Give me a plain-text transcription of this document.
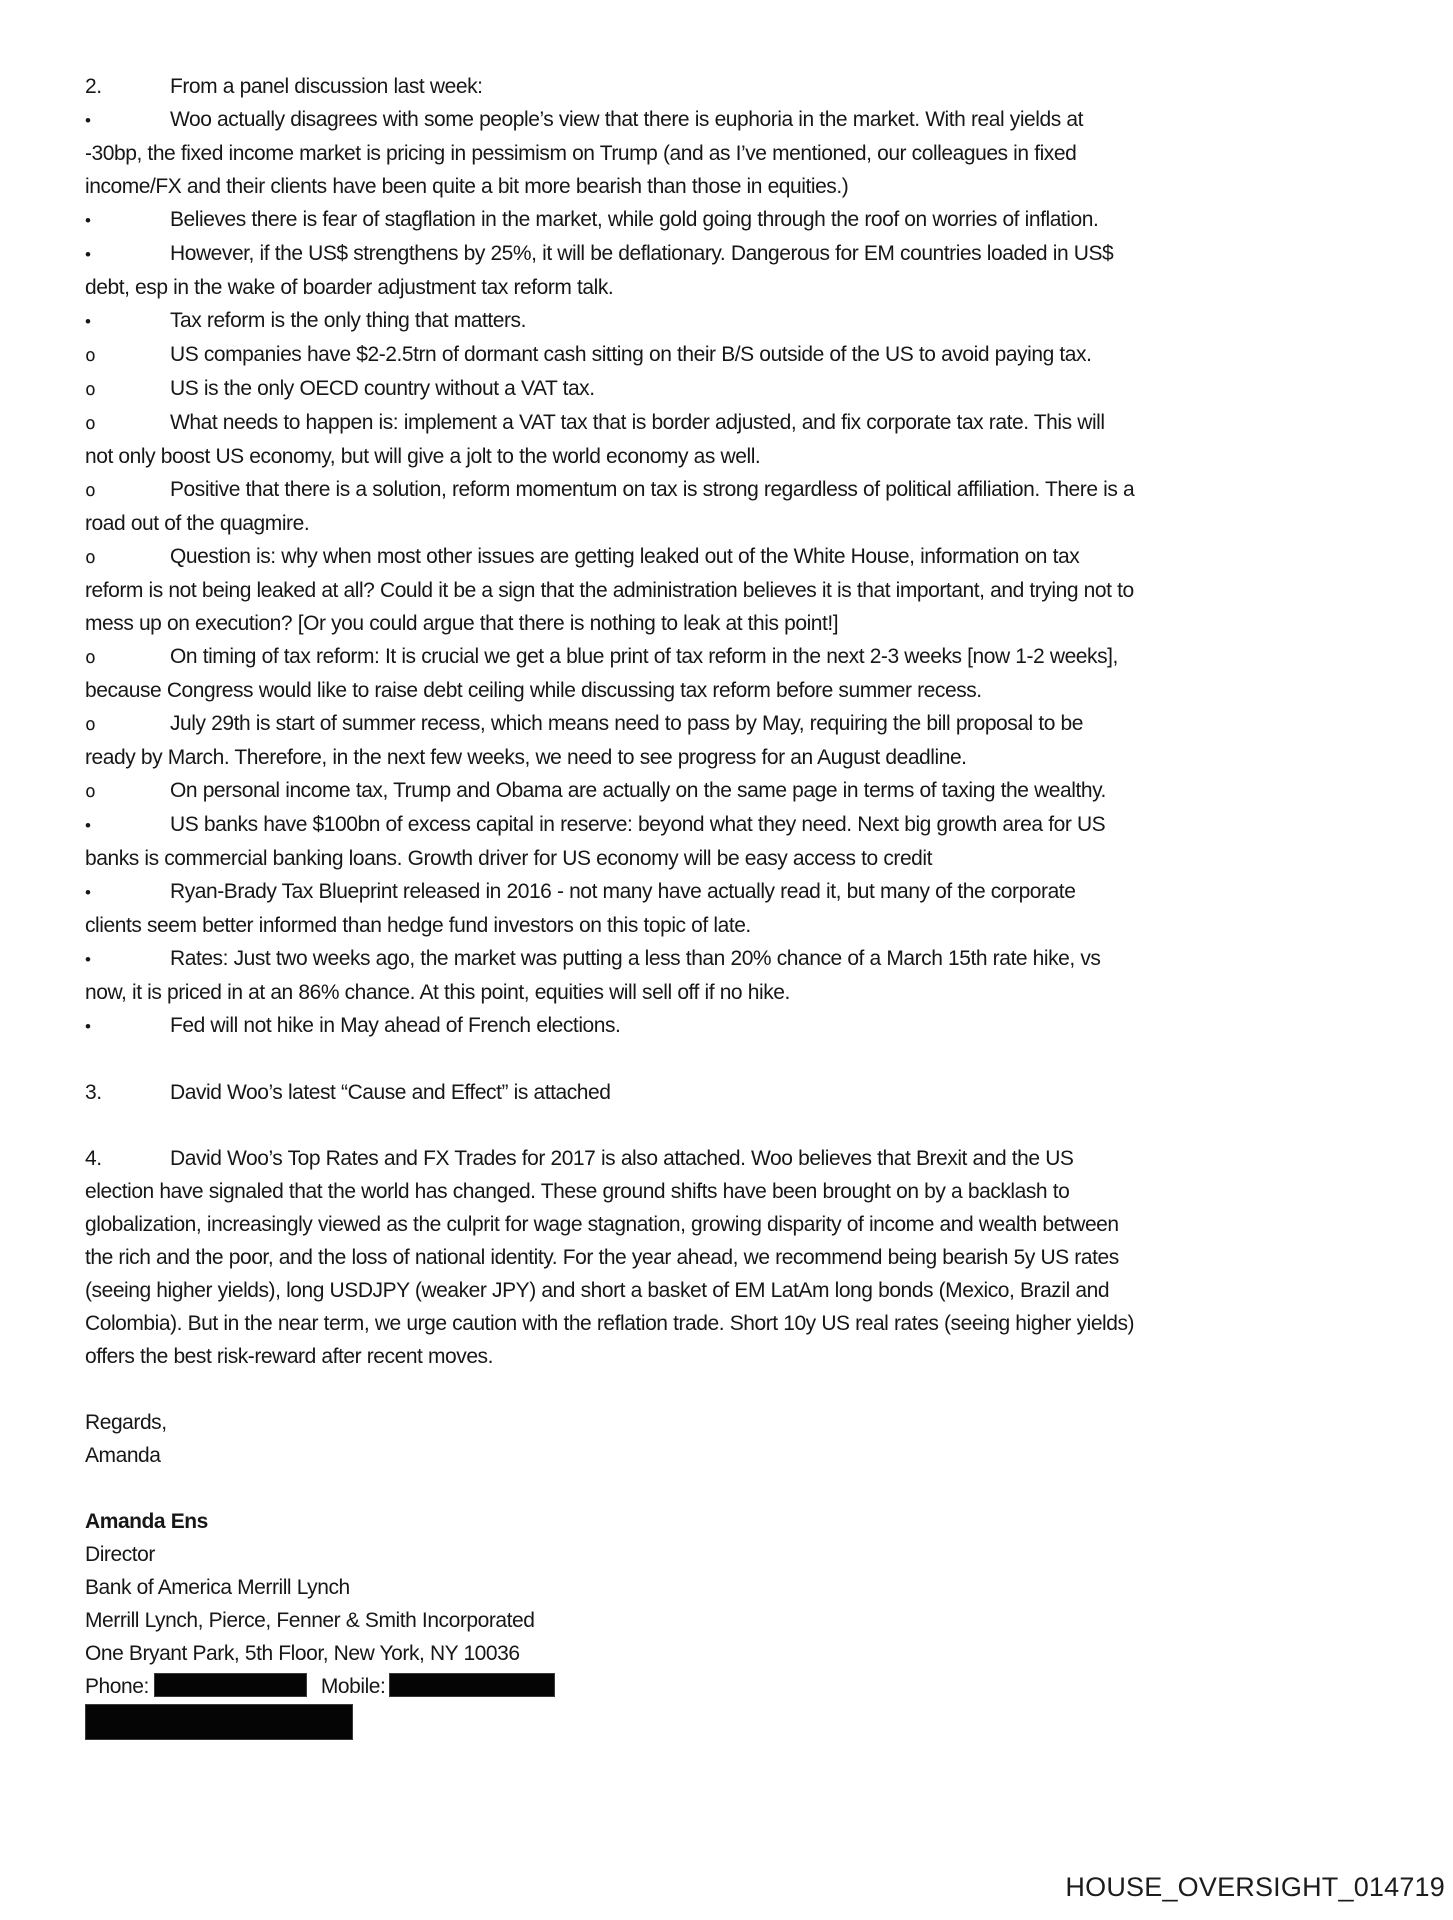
2.	From a panel discussion last week:
•	Woo actually disagrees with some people’s view that there is euphoria in the market. With real yields at -30bp, the fixed income market is pricing in pessimism on Trump (and as I’ve mentioned, our colleagues in fixed income/FX and their clients have been quite a bit more bearish than those in equities.)
•	Believes there is fear of stagflation in the market, while gold going through the roof on worries of inflation.
•	However, if the US$ strengthens by 25%, it will be deflationary. Dangerous for EM countries loaded in US$ debt, esp in the wake of boarder adjustment tax reform talk.
•	Tax reform is the only thing that matters.
o	US companies have $2-2.5trn of dormant cash sitting on their B/S outside of the US to avoid paying tax.
o	US is the only OECD country without a VAT tax.
o	What needs to happen is: implement a VAT tax that is border adjusted, and fix corporate tax rate. This will not only boost US economy, but will give a jolt to the world economy as well.
o	Positive that there is a solution, reform momentum on tax is strong regardless of political affiliation. There is a road out of the quagmire.
o	Question is: why when most other issues are getting leaked out of the White House, information on tax reform is not being leaked at all? Could it be a sign that the administration believes it is that important, and trying not to mess up on execution? [Or you could argue that there is nothing to leak at this point!]
o	On timing of tax reform: It is crucial we get a blue print of tax reform in the next 2-3 weeks [now 1-2 weeks], because Congress would like to raise debt ceiling while discussing tax reform before summer recess.
o	July 29th is start of summer recess, which means need to pass by May, requiring the bill proposal to be ready by March. Therefore, in the next few weeks, we need to see progress for an August deadline.
o	On personal income tax, Trump and Obama are actually on the same page in terms of taxing the wealthy.
•	US banks have $100bn of excess capital in reserve: beyond what they need. Next big growth area for US banks is commercial banking loans. Growth driver for US economy will be easy access to credit
•	Ryan-Brady Tax Blueprint released in 2016 - not many have actually read it, but many of the corporate clients seem better informed than hedge fund investors on this topic of late.
•	Rates: Just two weeks ago, the market was putting a less than 20% chance of a March 15th rate hike, vs now, it is priced in at an 86% chance. At this point, equities will sell off if no hike.
•	Fed will not hike in May ahead of French elections.
3.	David Woo’s latest “Cause and Effect” is attached
4.	David Woo’s Top Rates and FX Trades for 2017 is also attached. Woo believes that Brexit and the US election have signaled that the world has changed. These ground shifts have been brought on by a backlash to globalization, increasingly viewed as the culprit for wage stagnation, growing disparity of income and wealth between the rich and the poor, and the loss of national identity. For the year ahead, we recommend being bearish 5y US rates (seeing higher yields), long USDJPY (weaker JPY) and short a basket of EM LatAm long bonds (Mexico, Brazil and Colombia). But in the near term, we urge caution with the reflation trade. Short 10y US real rates (seeing higher yields) offers the best risk-reward after recent moves.
Regards,
Amanda
Amanda Ens
Director
Bank of America Merrill Lynch
Merrill Lynch, Pierce, Fenner & Smith Incorporated
One Bryant Park, 5th Floor, New York, NY 10036
Phone:	Mobile:
HOUSE_OVERSIGHT_014719
